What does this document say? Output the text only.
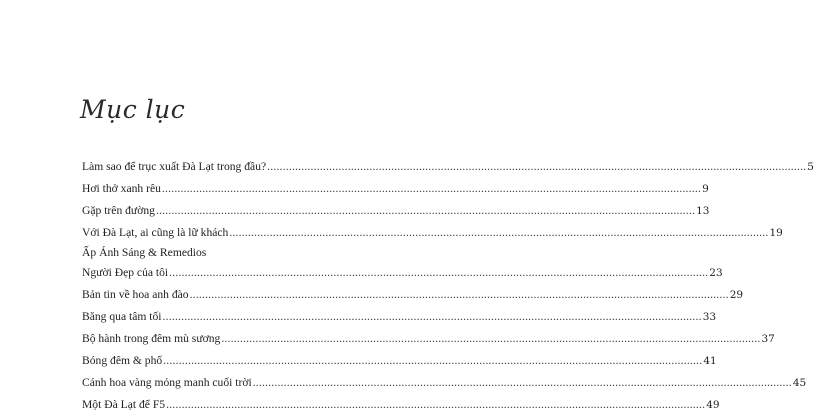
Mục lục
Làm sao để trục xuất Đà Lạt trong đầu? .....	5
Hơi thở xanh rêu .....	9
Gặp trên đường .....	13
Với Đà Lạt, ai cũng là lữ khách .....	19
Ấp Ánh Sáng & Remedios
Người Đẹp của tôi .....	23
Bản tin về hoa anh đào .....	29
Băng qua tâm tối .....	33
Bộ hành trong đêm mù sương .....	37
Bóng đêm & phố .....	41
Cánh hoa vàng mỏng manh cuối trời .....	45
Một Đà Lạt để F5 .....	49
